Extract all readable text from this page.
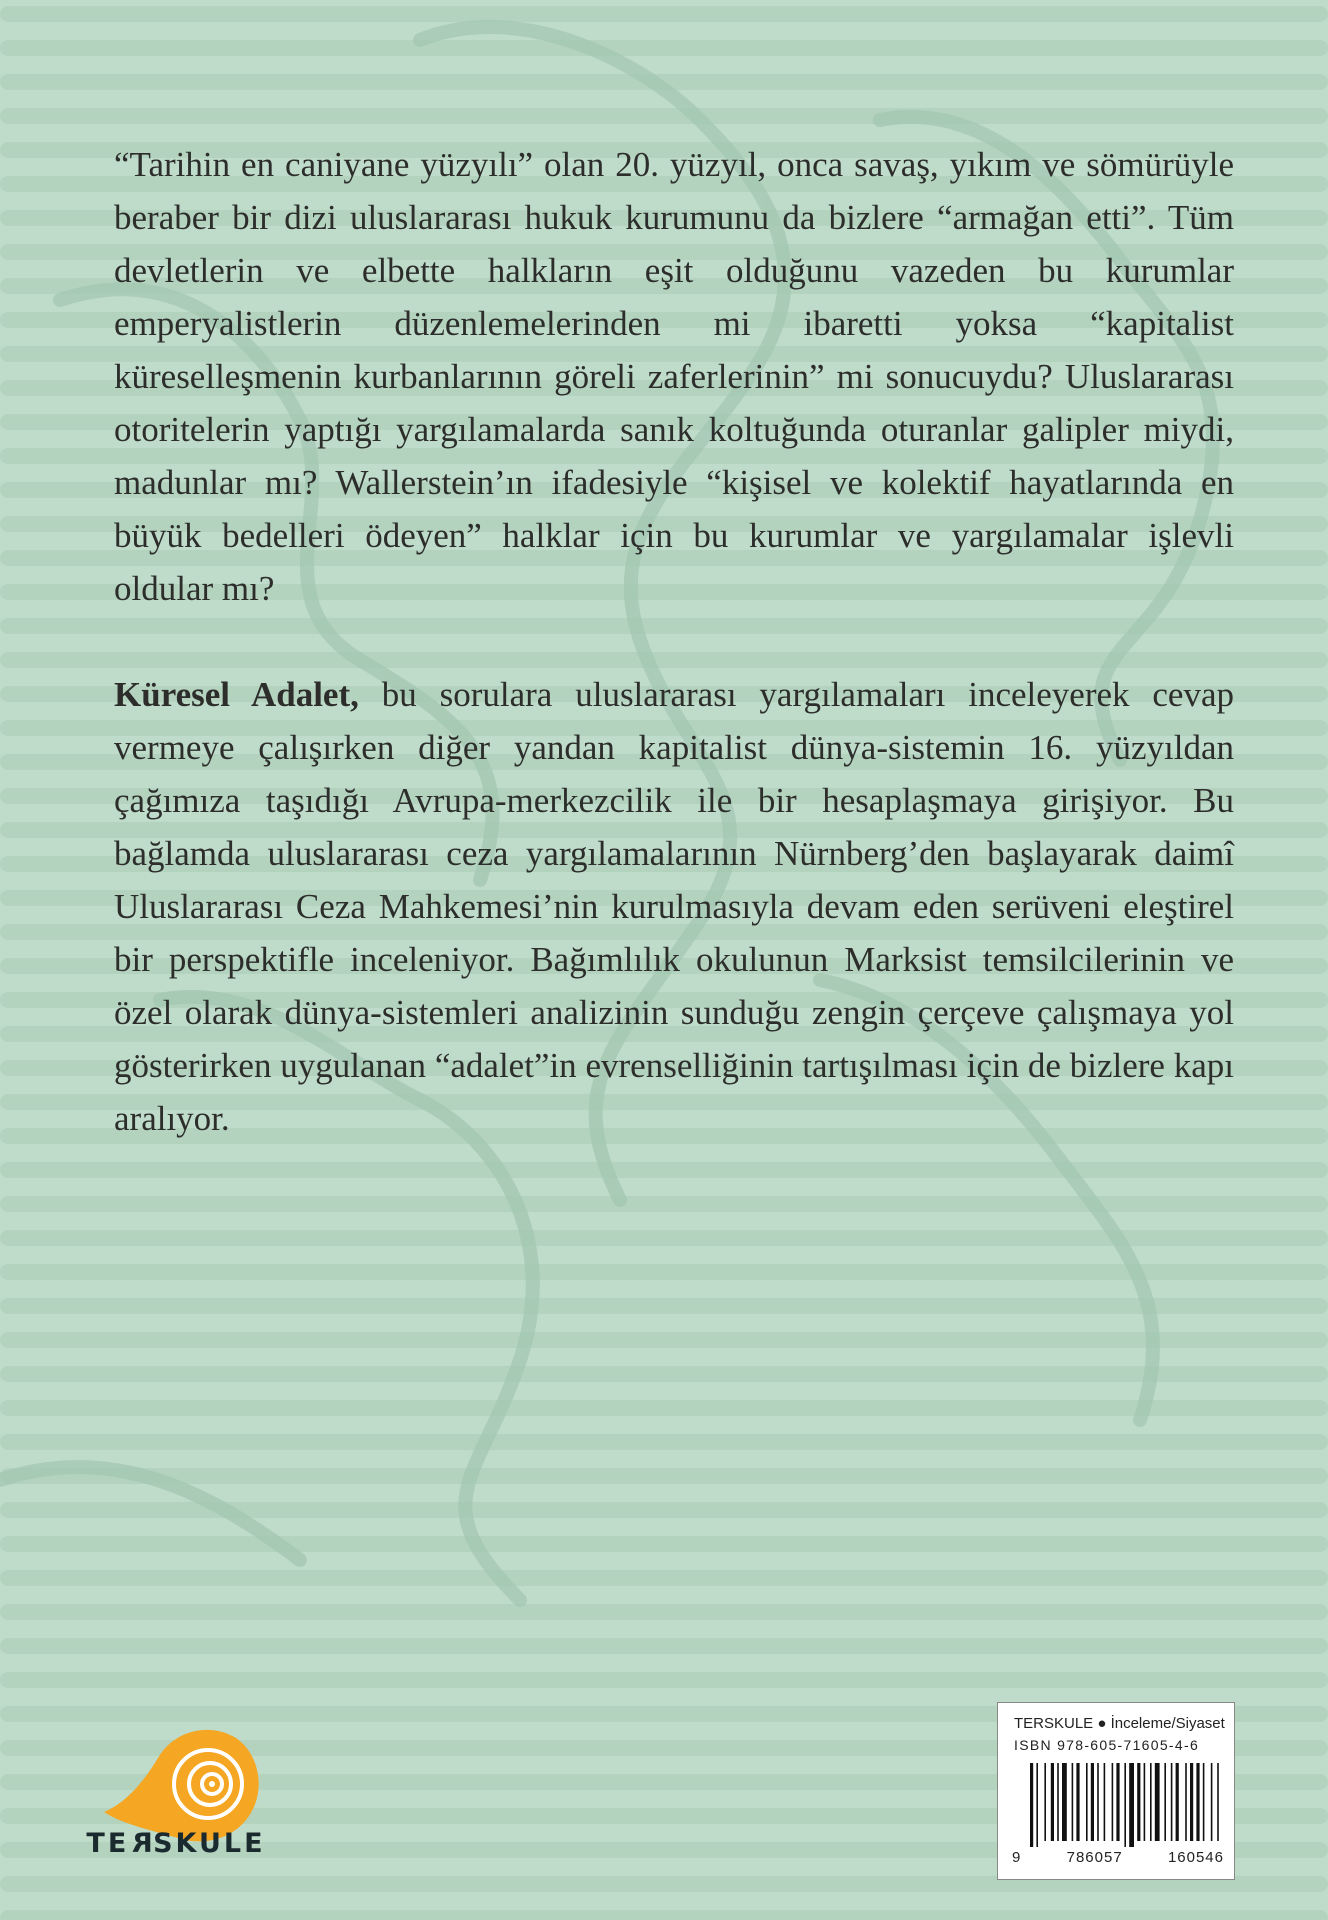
“Tarihin en caniyane yüzyılı” olan 20. yüzyıl, onca savaş, yıkım ve sömürüyle beraber bir dizi uluslararası hukuk kurumunu da bizlere “armağan etti”. Tüm devletlerin ve elbette halkların eşit olduğunu vazeden bu kurumlar emperyalistlerin düzenlemelerinden mi ibaretti yoksa “kapitalist küreselleşmenin kurbanlarının göreli zaferlerinin” mi sonucuydu? Uluslararası otoritelerin yaptığı yargılamalarda sanık koltuğunda oturanlar galipler miydi, madunlar mı? Wallerstein’ın ifadesiyle “kişisel ve kolektif hayatlarında en büyük bedelleri ödeyen” halklar için bu kurumlar ve yargılamalar işlevli oldular mı?

Küresel Adalet, bu sorulara uluslararası yargılamaları inceleyerek cevap vermeye çalışırken diğer yandan kapitalist dünya-sistemin 16. yüzyıldan çağımıza taşıdığı Avrupa-merkezcilik ile bir hesaplaşmaya girişiyor. Bu bağlamda uluslararası ceza yargılamalarının Nürnberg’den başlayarak daimî Uluslararası Ceza Mahkemesi’nin kurulmasıyla devam eden serüveni eleştirel bir perspektifle inceleniyor. Bağımlılık okulunun Marksist temsilcilerinin ve özel olarak dünya-sistemleri analizinin sunduğu zengin çerçeve çalışmaya yol gösterirken uygulanan “adalet”in evrenselliğinin tartışılması için de bizlere kapı aralıyor.

TERSKULE
TERSKULE ● İnceleme/Siyaset
ISBN 978-605-71605-4-6
9	786057	160546
